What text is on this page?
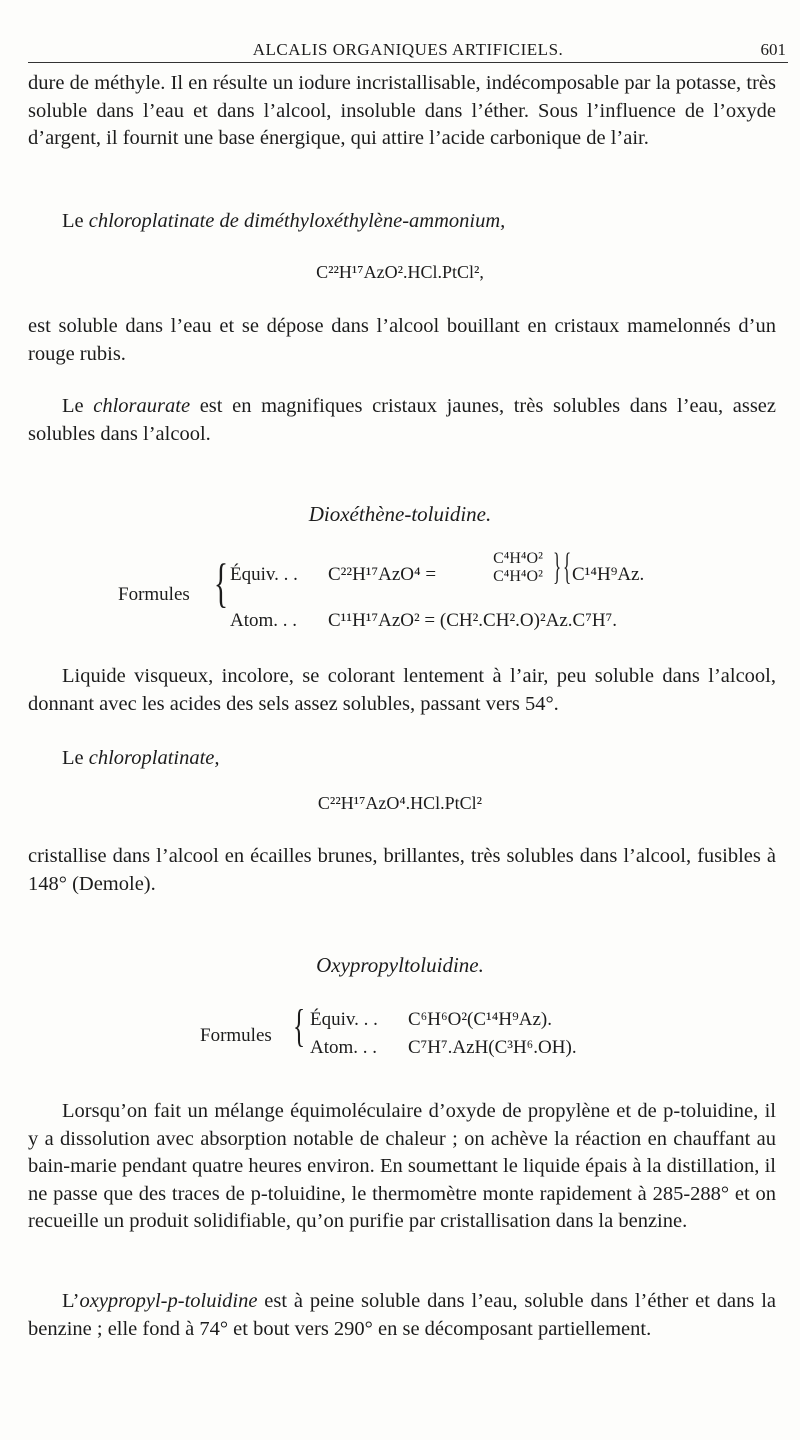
ALCALIS ORGANIQUES ARTIFICIELS.	601

dure de méthyle. Il en résulte un iodure incristallisable, indécomposable par la potasse, très soluble dans l’eau et dans l’alcool, insoluble dans l’éther. Sous l’influence de l’oxyde d’argent, il fournit une base énergique, qui attire l’acide carbonique de l’air.

Le chloroplatinate de diméthyloxéthylène-ammonium,

C²²H¹⁷AzO².HCl.PtCl²,

est soluble dans l’eau et se dépose dans l’alcool bouillant en cristaux mamelonnés d’un rouge rubis.

Le chloraurate est en magnifiques cristaux jaunes, très solubles dans l’eau, assez solubles dans l’alcool.

Dioxéthène-toluidine.
Formules { Équiv. . . C²²H¹⁷AzO⁴ =
C⁴H⁴O²
C⁴H⁴O² } { C¹⁴H⁹Az.
Atom. . . C¹¹H¹⁷AzO² = (CH².CH².O)²Az.C⁷H⁷.

Liquide visqueux, incolore, se colorant lentement à l’air, peu soluble dans l’alcool, donnant avec les acides des sels assez solubles, passant vers 54°.

Le chloroplatinate,

C²²H¹⁷AzO⁴.HCl.PtCl²

cristallise dans l’alcool en écailles brunes, brillantes, très solubles dans l’alcool, fusibles à 148° (Demole).

Oxypropyltoluidine.
Formules { Équiv. . . C⁶H⁶O²(C¹⁴H⁹Az).
Atom. . . C⁷H⁷.AzH(C³H⁶.OH).

Lorsqu’on fait un mélange équimoléculaire d’oxyde de propylène et de p-toluidine, il y a dissolution avec absorption notable de chaleur ; on achève la réaction en chauffant au bain-marie pendant quatre heures environ. En soumettant le liquide épais à la distillation, il ne passe que des traces de p-toluidine, le thermomètre monte rapidement à 285-288° et on recueille un produit solidifiable, qu’on purifie par cristallisation dans la benzine.

L’oxypropyl-p-toluidine est à peine soluble dans l’eau, soluble dans l’éther et dans la benzine ; elle fond à 74° et bout vers 290° en se décomposant partiellement.
